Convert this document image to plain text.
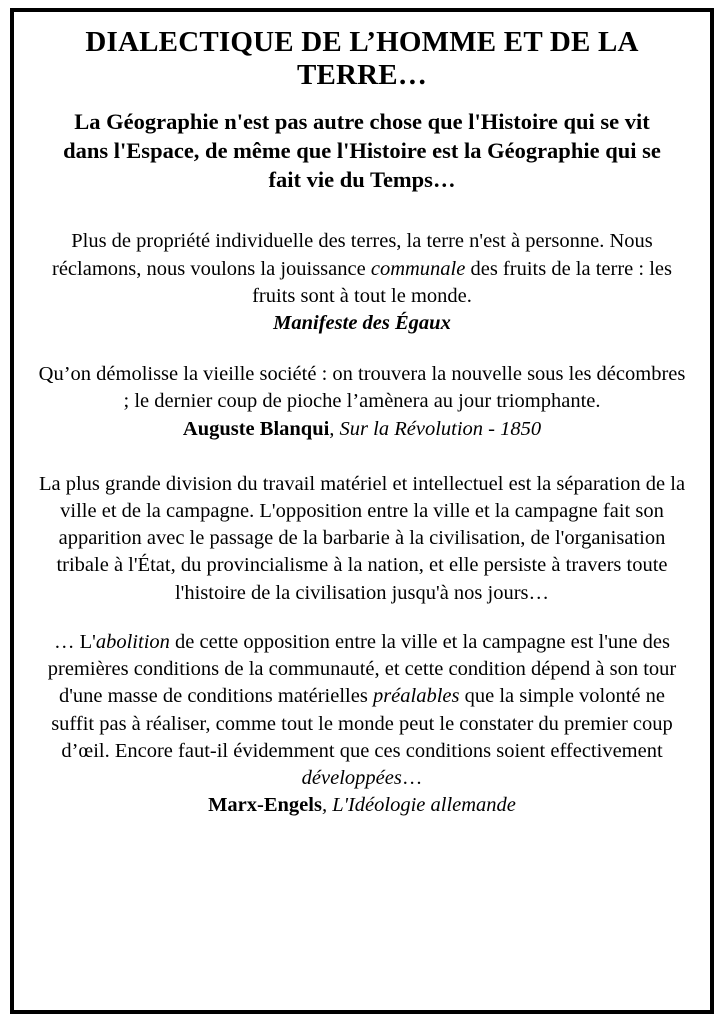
DIALECTIQUE DE L’HOMME ET DE LA TERRE…
La Géographie n'est pas autre chose que l'Histoire qui se vit dans l'Espace, de même que l'Histoire est la Géographie qui se fait vie du Temps…
Plus de propriété individuelle des terres, la terre n'est à personne. Nous réclamons, nous voulons la jouissance communale des fruits de la terre : les fruits sont à tout le monde.
Manifeste des Égaux
Qu’on démolisse la vieille société : on trouvera la nouvelle sous les décombres ; le dernier coup de pioche l’amènera au jour triomphante.
Auguste Blanqui, Sur la Révolution - 1850
La plus grande division du travail matériel et intellectuel est la séparation de la ville et de la campagne. L'opposition entre la ville et la campagne fait son apparition avec le passage de la barbarie à la civilisation, de l'organisation tribale à l'État, du provincialisme à la nation, et elle persiste à travers toute l'histoire de la civilisation jusqu'à nos jours…
… L'abolition de cette opposition entre la ville et la campagne est l'une des premières conditions de la communauté, et cette condition dépend à son tour d'une masse de conditions matérielles préalables que la simple volonté ne suffit pas à réaliser, comme tout le monde peut le constater du premier coup d’œil. Encore faut-il évidemment que ces conditions soient effectivement développées…
Marx-Engels, L'Idéologie allemande
